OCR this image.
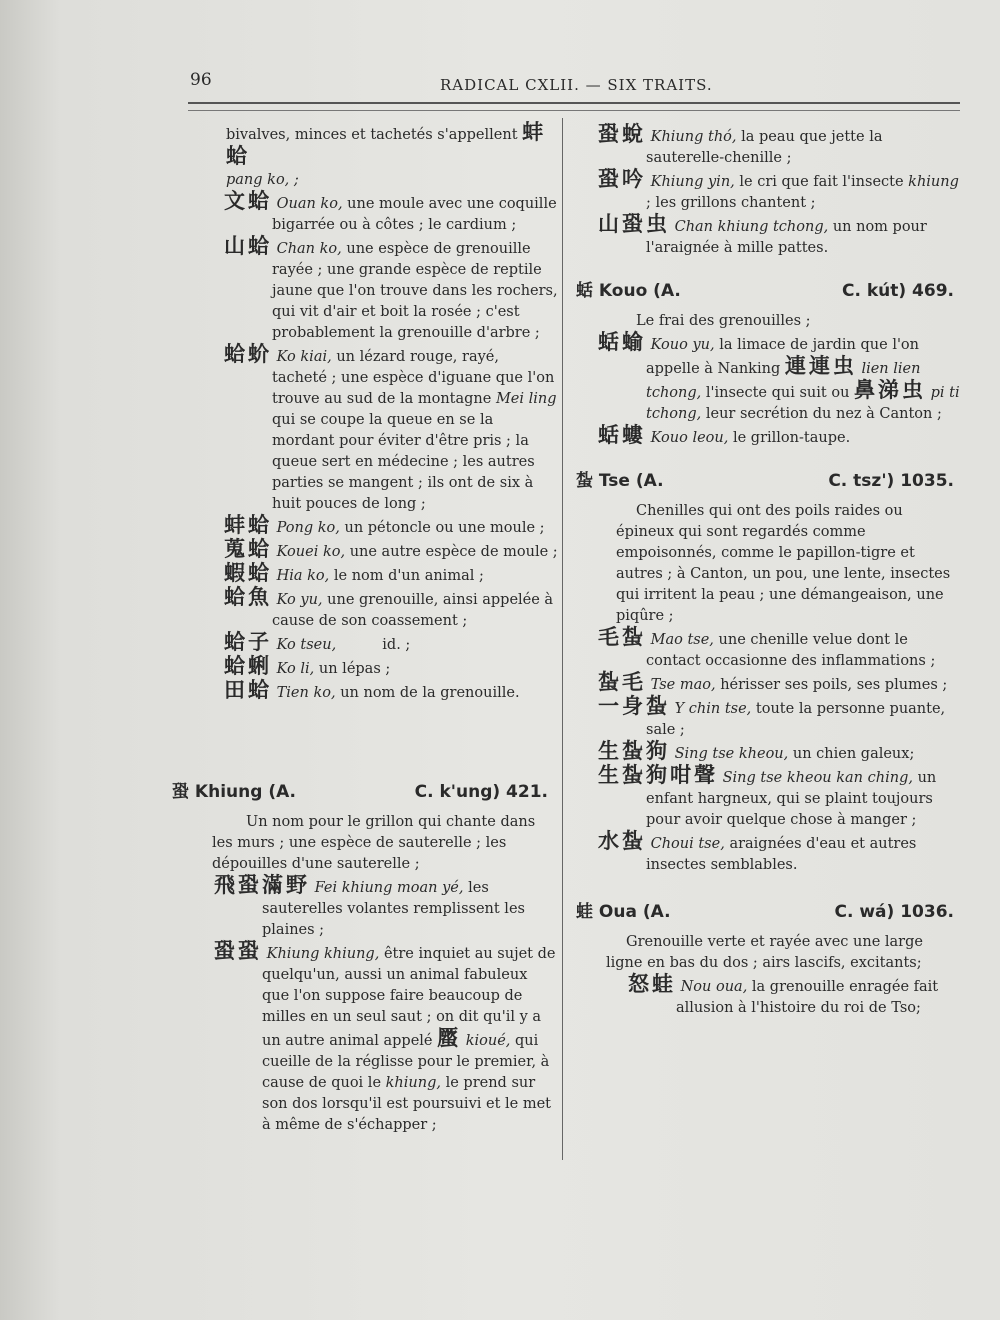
96	RADICAL CXLII. — SIX TRAITS.

bivalves, minces et tachetés s'appellent 蚌蛤
pang ko, ;

文蛤 Ouan ko, une moule avec une coquille bigarrée ou à côtes ; le cardium ;

山蛤 Chan ko, une espèce de grenouille rayée ; une grande espèce de reptile jaune que l'on trouve dans les rochers, qui vit d'air et boit la rosée ; c'est probablement la grenouille d'arbre ;

蛤蚧 Ko kiai, un lézard rouge, rayé, tacheté ; une espèce d'iguane que l'on trouve au sud de la montagne Mei ling qui se coupe la queue en se la mordant pour éviter d'être pris ; la queue sert en médecine ; les autres parties se mangent ; ils ont de six à huit pouces de long ;

蚌蛤 Pong ko, un pétoncle ou une moule ;

蒐蛤 Kouei ko, une autre espèce de moule ;

蝦蛤 Hia ko, le nom d'un animal ;

蛤魚 Ko yu, une grenouille, ainsi appelée à cause de son coassement ;

蛤子 Ko tseu,	id. ;

蛤蜊 Ko li, un lépas ;

田蛤 Tien ko, un nom de la grenouille.

蛩 Khiung (A.	C. k'ung) 421.

Un nom pour le grillon qui chante dans les murs ; une espèce de sauterelle ; les dépouilles d'une sauterelle ;

飛蛩滿野 Fei khiung moan yé, les sauterelles volantes remplissent les plaines ;

蛩蛩 Khiung khiung, être inquiet au sujet de quelqu'un, aussi un animal fabuleux que l'on suppose faire beaucoup de milles en un seul saut ; on dit qu'il y a un autre animal appelé 蟨 kioué, qui cueille de la réglisse pour le premier, à cause de quoi le khiung, le prend sur son dos lorsqu'il est poursuivi et le met à même de s'échapper ;

蛩蛻 Khiung thó, la peau que jette la sauterelle-chenille ;

蛩吟 Khiung yin, le cri que fait l'insecte khiung ; les grillons chantent ;

山蛩虫 Chan khiung tchong, un nom pour l'araignée à mille pattes.

蛞 Kouo (A.	C. kút) 469.

Le frai des grenouilles ;

蛞蝓 Kouo yu, la limace de jardin que l'on appelle à Nanking 連連虫 lien lien tchong, l'insecte qui suit ou 鼻涕虫 pi ti tchong, leur secrétion du nez à Canton ;

蛞螻 Kouo leou, le grillon-taupe.

蚻 Tse (A.	C. tsz') 1035.

Chenilles qui ont des poils raides ou épineux qui sont regardés comme empoisonnés, comme le papillon-tigre et autres ; à Canton, un pou, une lente, insectes qui irritent la peau ; une démangeaison, une piqûre ;

毛蚻 Mao tse, une chenille velue dont le contact occasionne des inflammations ;

蚻毛 Tse mao, hérisser ses poils, ses plumes ;

一身蚻 Y chin tse, toute la personne puante, sale ;

生蚻狗 Sing tse kheou, un chien galeux;

生蚻狗咁聲 Sing tse kheou kan ching, un enfant hargneux, qui se plaint toujours pour avoir quelque chose à manger ;

水蚻 Choui tse, araignées d'eau et autres insectes semblables.

蛙 Oua (A.	C. wá) 1036.

Grenouille verte et rayée avec une large ligne en bas du dos ; airs lascifs, excitants;

怒蛙 Nou oua, la grenouille enragée fait allusion à l'histoire du roi de Tso;
